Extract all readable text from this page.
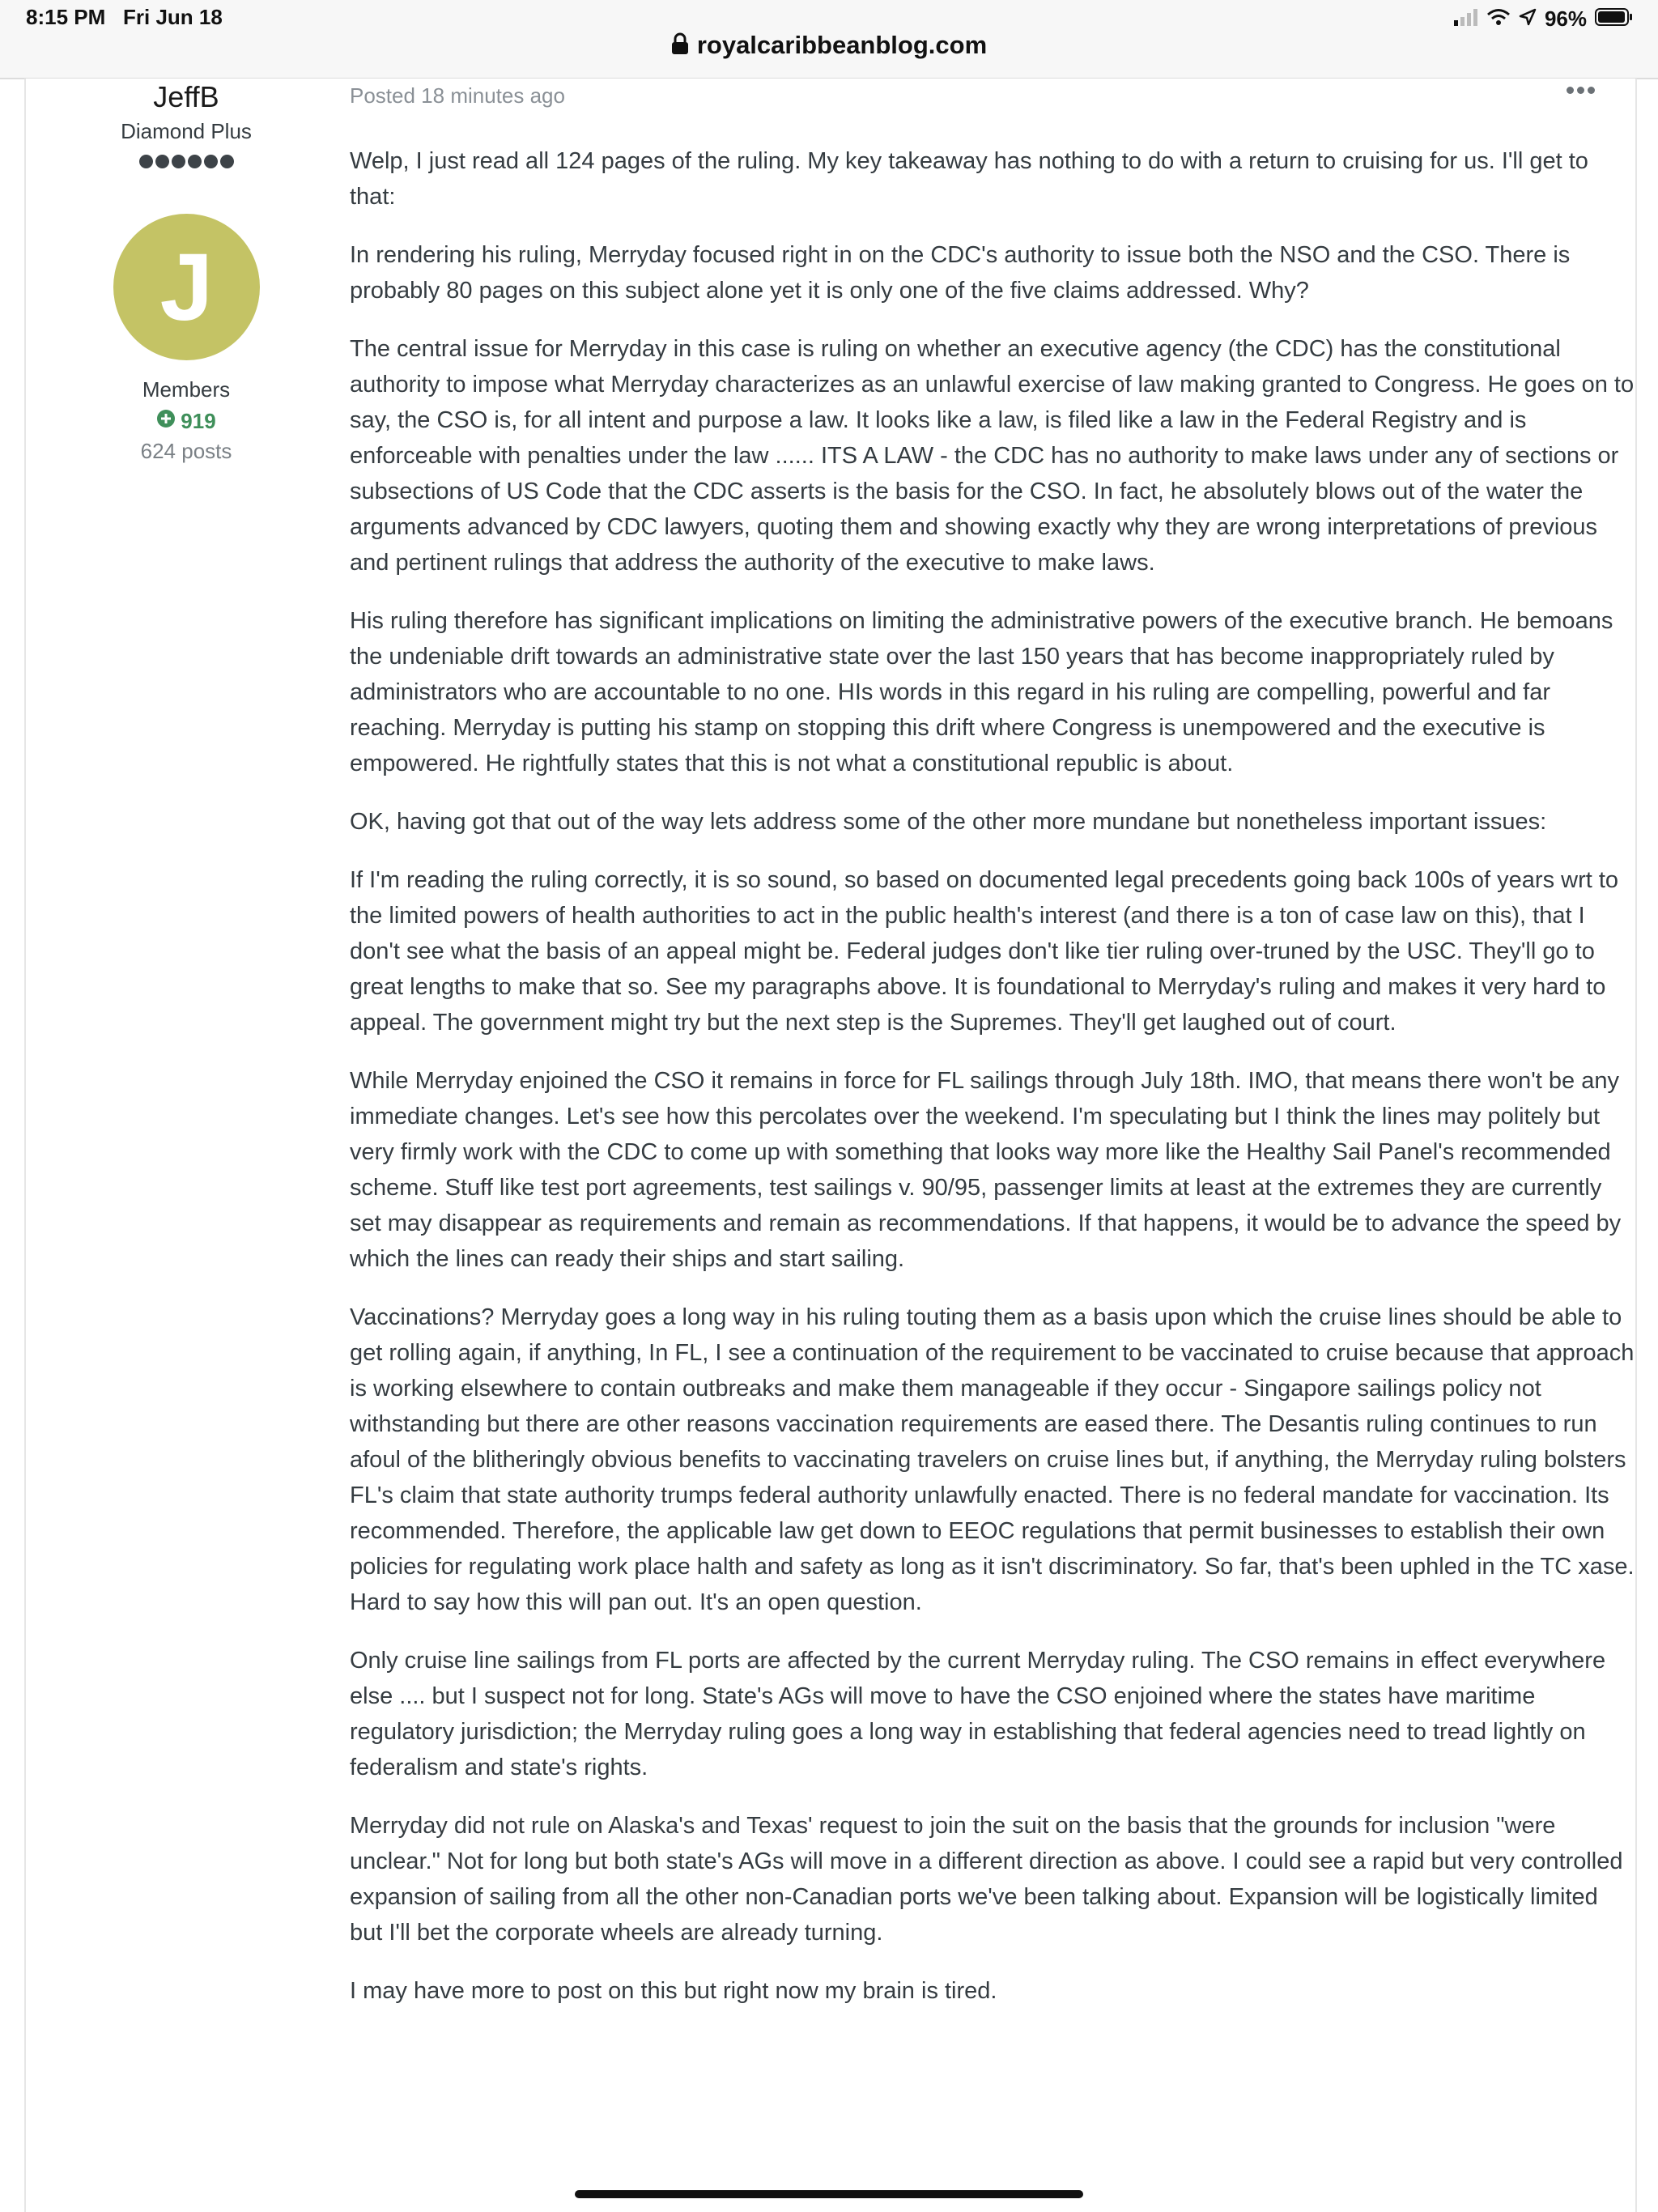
8:15 PM Fri Jun 18	96%
royalcaribbeanblog.com
JeffB
Diamond Plus
J
Members
919
624 posts
Posted 18 minutes ago

Welp, I just read all 124 pages of the ruling. My key takeaway has nothing to do with a return to cruising for us. I'll get to that:

In rendering his ruling, Merryday focused right in on the CDC's authority to issue both the NSO and the CSO. There is probably 80 pages on this subject alone yet it is only one of the five claims addressed. Why?

The central issue for Merryday in this case is ruling on whether an executive agency (the CDC) has the constitutional authority to impose what Merryday characterizes as an unlawful exercise of law making granted to Congress. He goes on to say, the CSO is, for all intent and purpose a law. It looks like a law, is filed like a law in the Federal Registry and is enforceable with penalties under the law ...... ITS A LAW - the CDC has no authority to make laws under any of sections or subsections of US Code that the CDC asserts is the basis for the CSO. In fact, he absolutely blows out of the water the arguments advanced by CDC lawyers, quoting them and showing exactly why they are wrong interpretations of previous and pertinent rulings that address the authority of the executive to make laws.

His ruling therefore has significant implications on limiting the administrative powers of the executive branch. He bemoans the undeniable drift towards an administrative state over the last 150 years that has become inappropriately ruled by administrators who are accountable to no one. HIs words in this regard in his ruling are compelling, powerful and far reaching. Merryday is putting his stamp on stopping this drift where Congress is unempowered and the executive is empowered. He rightfully states that this is not what a constitutional republic is about.

OK, having got that out of the way lets address some of the other more mundane but nonetheless important issues:

If I'm reading the ruling correctly, it is so sound, so based on documented legal precedents going back 100s of years wrt to the limited powers of health authorities to act in the public health's interest (and there is a ton of case law on this), that I don't see what the basis of an appeal might be. Federal judges don't like tier ruling over-truned by the USC. They'll go to great lengths to make that so. See my paragraphs above. It is foundational to Merryday's ruling and makes it very hard to appeal. The government might try but the next step is the Supremes. They'll get laughed out of court.

While Merryday enjoined the CSO it remains in force for FL sailings through July 18th. IMO, that means there won't be any immediate changes. Let's see how this percolates over the weekend. I'm speculating but I think the lines may politely but very firmly work with the CDC to come up with something that looks way more like the Healthy Sail Panel's recommended scheme. Stuff like test port agreements, test sailings v. 90/95, passenger limits at least at the extremes they are currently set may disappear as requirements and remain as recommendations. If that happens, it would be to advance the speed by which the lines can ready their ships and start sailing.

Vaccinations? Merryday goes a long way in his ruling touting them as a basis upon which the cruise lines should be able to get rolling again, if anything, In FL, I see a continuation of the requirement to be vaccinated to cruise because that approach is working elsewhere to contain outbreaks and make them manageable if they occur - Singapore sailings policy not withstanding but there are other reasons vaccination requirements are eased there. The Desantis ruling continues to run afoul of the blitheringly obvious benefits to vaccinating travelers on cruise lines but, if anything, the Merryday ruling bolsters FL's claim that state authority trumps federal authority unlawfully enacted. There is no federal mandate for vaccination. Its recommended. Therefore, the applicable law get down to EEOC regulations that permit businesses to establish their own policies for regulating work place halth and safety as long as it isn't discriminatory. So far, that's been uphled in the TC xase. Hard to say how this will pan out. It's an open question.

Only cruise line sailings from FL ports are affected by the current Merryday ruling. The CSO remains in effect everywhere else .... but I suspect not for long. State's AGs will move to have the CSO enjoined where the states have maritime regulatory jurisdiction; the Merryday ruling goes a long way in establishing that federal agencies need to tread lightly on federalism and state's rights.

Merryday did not rule on Alaska's and Texas' request to join the suit on the basis that the grounds for inclusion "were unclear." Not for long but both state's AGs will move in a different direction as above. I could see a rapid but very controlled expansion of sailing from all the other non-Canadian ports we've been talking about. Expansion will be logistically limited but I'll bet the corporate wheels are already turning.

I may have more to post on this but right now my brain is tired.
